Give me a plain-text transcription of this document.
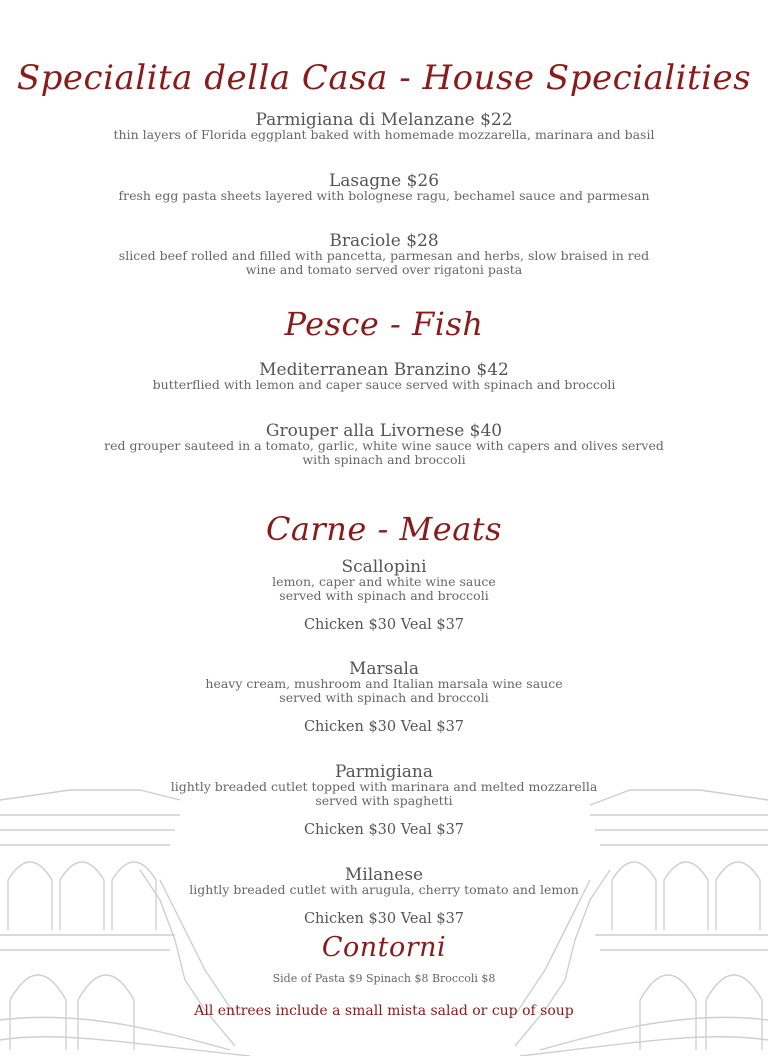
Specialita della Casa - House Specialities
Parmigiana di Melanzane $22
thin layers of Florida eggplant baked with homemade mozzarella, marinara and basil
Lasagne $26
fresh egg pasta sheets layered with bolognese ragu, bechamel sauce and parmesan
Braciole $28
sliced beef rolled and filled with pancetta, parmesan and herbs, slow braised in red
wine and tomato served over rigatoni pasta
Pesce - Fish
Mediterranean Branzino $42
butterflied with lemon and caper sauce served with spinach and broccoli
Grouper alla Livornese $40
red grouper sauteed in a tomato, garlic, white wine sauce with capers and olives served
with spinach and broccoli
Carne - Meats
Scallopini
lemon, caper and white wine sauce
served with spinach and broccoli
Chicken $30 Veal $37
Marsala
heavy cream, mushroom and Italian marsala wine sauce
served with spinach and broccoli
Chicken $30 Veal $37
Parmigiana
lightly breaded cutlet topped with marinara and melted mozzarella
served with spaghetti
Chicken $30 Veal $37
Milanese
lightly breaded cutlet with arugula, cherry tomato and lemon
Chicken $30 Veal $37
Contorni
Side of Pasta $9 Spinach $8 Broccoli $8
All entrees include a small mista salad or cup of soup
